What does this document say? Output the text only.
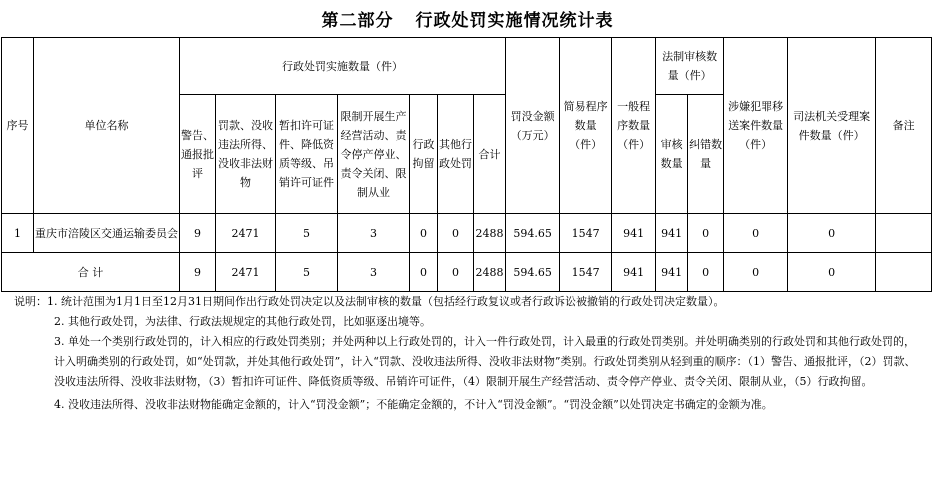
第二部分 行政处罚实施情况统计表
序号	单位名称	行政处罚实施数量（件）							罚没金额（万元）	简易程序数量（件）	一般程序数量（件）	法制审核数量（件）		涉嫌犯罪移送案件数量（件）	司法机关受理案件数量（件）	备注
		警告、通报批评	罚款、没收违法所得、没收非法财物	暂扣许可证件、降低资质等级、吊销许可证件	限制开展生产经营活动、责令停产停业、责令关闭、限制从业	行政拘留	其他行政处罚	合计				审核数量	纠错数量			
1	重庆市涪陵区交通运输委员会	9	2471	5	3	0	0	2488	594.65	1547	941	941	0	0	0	
合 计		9	2471	5	3	0	0	2488	594.65	1547	941	941	0	0	0	

说明：1. 统计范围为1月1日至12月31日期间作出行政处罚决定以及法制审核的数量（包括经行政复议或者行政诉讼被撤销的行政处罚决定数量）。

2. 其他行政处罚，为法律、行政法规规定的其他行政处罚，比如驱逐出境等。

3. 单处一个类别行政处罚的，计入相应的行政处罚类别；并处两种以上行政处罚的，计入一件行政处罚，计入最重的行政处罚类别。并处明确类别的行政处罚和其他行政处罚的，计入明确类别的行政处罚，如“处罚款，并处其他行政处罚”，计入“罚款、没收违法所得、没收非法财物”类别。行政处罚类别从轻到重的顺序：（1）警告、通报批评，（2）罚款、没收违法所得、没收非法财物，（3）暂扣许可证件、降低资质等级、吊销许可证件，（4）限制开展生产经营活动、责令停产停业、责令关闭、限制从业，（5）行政拘留。

4. 没收违法所得、没收非法财物能确定金额的，计入“罚没金额”；不能确定金额的，不计入“罚没金额”。“罚没金额”以处罚决定书确定的金额为准。
